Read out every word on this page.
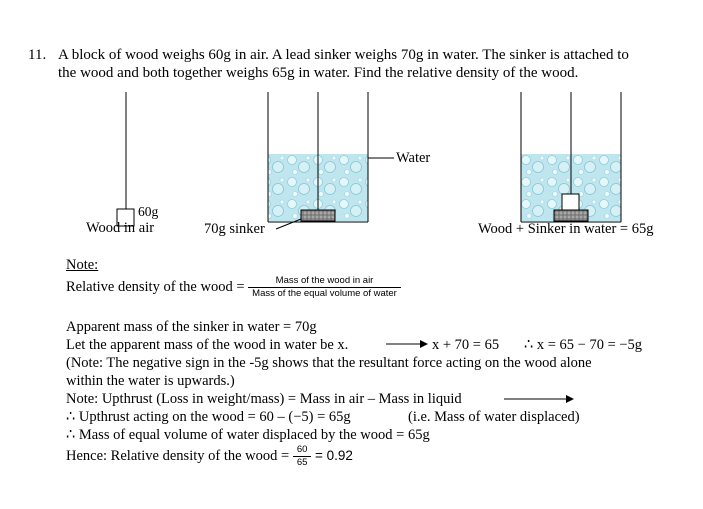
11. A block of wood weighs 60g in air. A lead sinker weighs 70g in water. The sinker is attached to
the wood and both together weighs 65g in water. Find the relative density of the wood.
60g
Wood in air	70g sinker
Water
Wood + Sinker in water = 65g
Note:
Relative density of the wood = $\frac{\text{Mass of the wood in air}}{\text{Mass of the equal volume of water}}$
Apparent mass of the sinker in water = 70g
Let the apparent mass of the wood in water be x.	x + 70 = 65 ∴ x = 65 − 70 = −5g
(Note: The negative sign in the -5g shows that the resultant force acting on the wood alone
within the water is upwards.)
Note: Upthrust (Loss in weight/mass) = Mass in air – Mass in liquid
∴ Upthrust acting on the wood = 60 – (−5) = 65g	(i.e. Mass of water displaced)
∴ Mass of equal volume of water displaced by the wood = 65g
Hence: Relative density of the wood = $\frac{60}{65} = 0.92$
